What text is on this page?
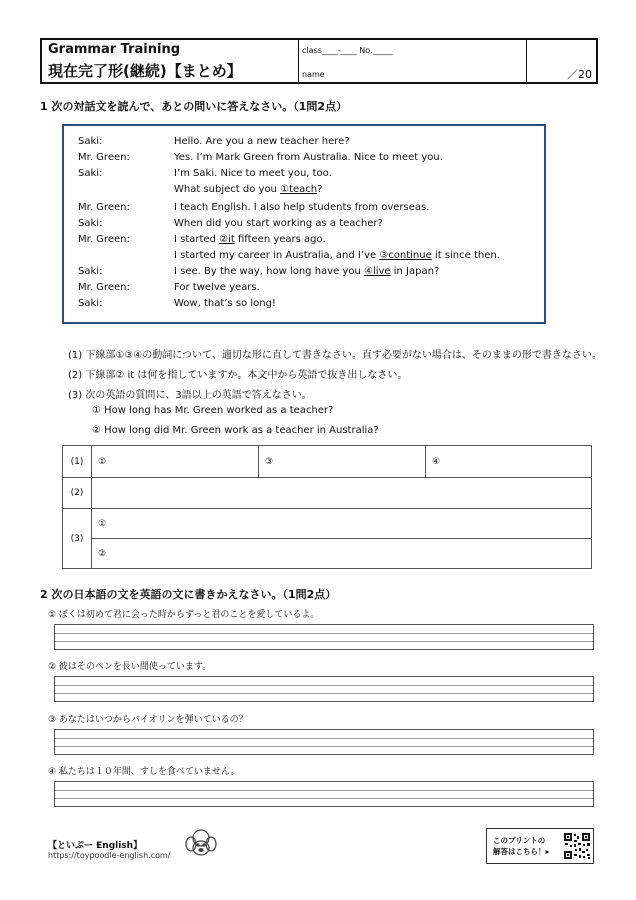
Grammar Training
現在完了形(継続)【まとめ】
class____-____ No._____
name	／20
1 次の対話文を読んで、あとの問いに答えなさい。（1問2点）
Saki:	Hello. Are you a new teacher here?
Mr. Green:	Yes. I’m Mark Green from Australia. Nice to meet you.
Saki:	I’m Saki. Nice to meet you, too.
What subject do you ①teach?
Mr. Green:	I teach English. I also help students from overseas.
Saki:	When did you start working as a teacher?
Mr. Green:	I started ②it fifteen years ago.
I started my career in Australia, and I’ve ③continue it since then.
Saki:	I see. By the way, how long have you ④live in Japan?
Mr. Green:	For twelve years.
Saki:	Wow, that’s so long!
(1) 下線部①③④の動詞について、適切な形に直して書きなさい。直す必要がない場合は、そのままの形で書きなさい。
(2) 下線部② it は何を指していますか。本文中から英語で抜き出しなさい。
(3) 次の英語の質問に、3語以上の英語で答えなさい。
① How long has Mr. Green worked as a teacher?
② How long did Mr. Green work as a teacher in Australia?
(1)	①	③	④
(2)			
(3)	①		
	②		
2 次の日本語の文を英語の文に書きかえなさい。（1問2点）
① ぼくは初めて君に会った時からずっと君のことを愛しているよ。
② 彼はそのペンを長い間使っています。
③ あなたはいつからバイオリンを弾いているの？
④ 私たちは１０年間、すしを食べていません。
【といぷー English】
https://toypoodle-english.com/
このプリントの
解答はこちら！▸
